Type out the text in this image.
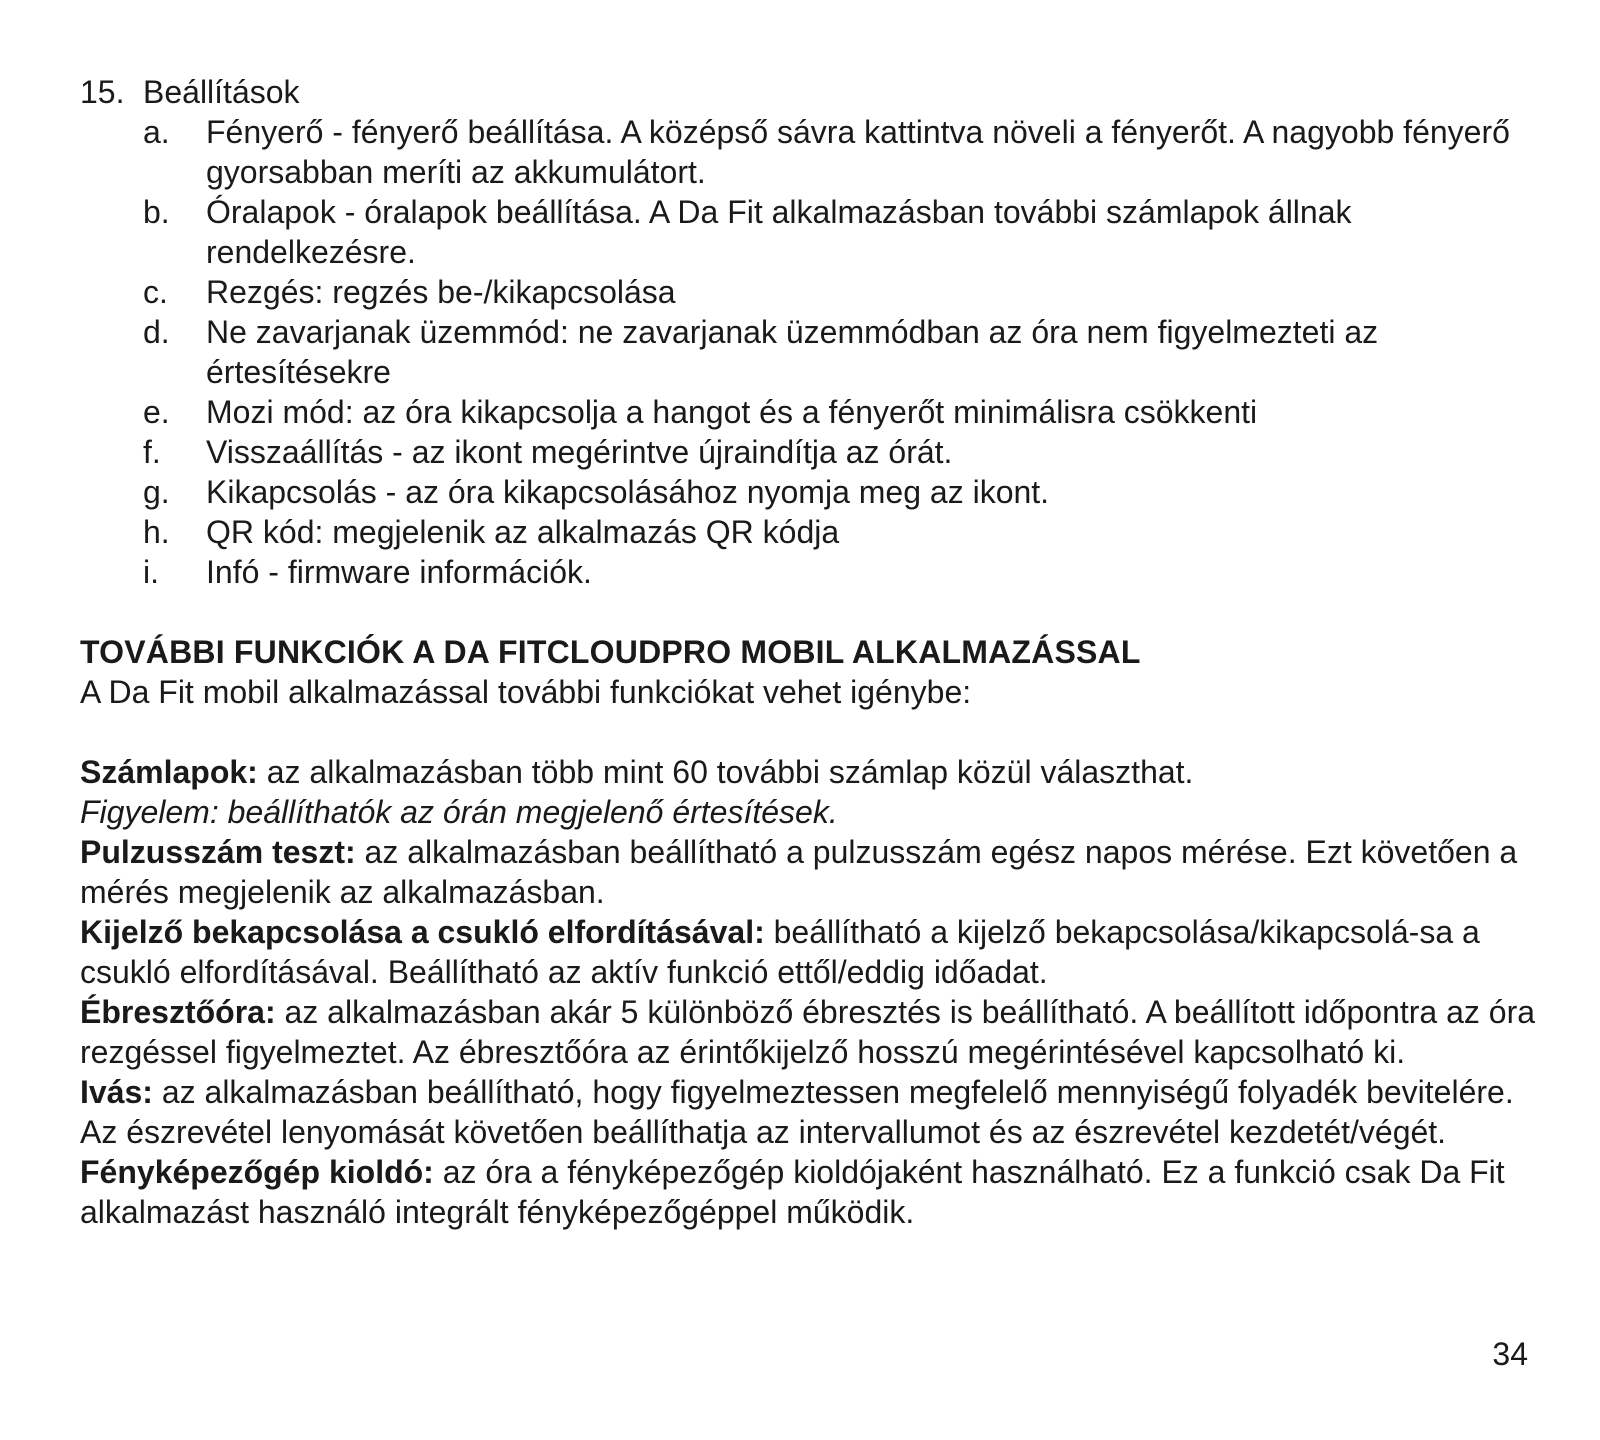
15. Beállítások
a.	Fényerő - fényerő beállítása. A középső sávra kattintva növeli a fényerőt. A nagyobb fényerő gyorsabban meríti az akkumulátort.
b.	Óralapok - óralapok beállítása. A Da Fit alkalmazásban további számlapok állnak rendelkezésre.
c.	Rezgés: regzés be-/kikapcsolása
d.	Ne zavarjanak üzemmód: ne zavarjanak üzemmódban az óra nem figyelmezteti az értesítésekre
e.	Mozi mód: az óra kikapcsolja a hangot és a fényerőt minimálisra csökkenti
f.	Visszaállítás - az ikont megérintve újraindítja az órát.
g.	Kikapcsolás - az óra kikapcsolásához nyomja meg az ikont.
h.	QR kód: megjelenik az alkalmazás QR kódja
i.	Infó - firmware információk.
TOVÁBBI FUNKCIÓK A DA FITCLOUDPRO MOBIL ALKALMAZÁSSAL
A Da Fit mobil alkalmazással további funkciókat vehet igénybe:
Számlapok: az alkalmazásban több mint 60 további számlap közül választhat.
Figyelem: beállíthatók az órán megjelenő értesítések.
Pulzusszám teszt: az alkalmazásban beállítható a pulzusszám egész napos mérése. Ezt követően a mérés megjelenik az alkalmazásban.
Kijelző bekapcsolása a csukló elfordításával: beállítható a kijelző bekapcsolása/kikapcsolá-sa a csukló elfordításával. Beállítható az aktív funkció ettől/eddig időadat.
Ébresztőóra: az alkalmazásban akár 5 különböző ébresztés is beállítható. A beállított időpontra az óra rezgéssel figyelmeztet. Az ébresztőóra az érintőkijelző hosszú megérintésével kapcsolható ki.
Ivás: az alkalmazásban beállítható, hogy figyelmeztessen megfelelő mennyiségű folyadék bevitelére. Az észrevétel lenyomását követően beállíthatja az intervallumot és az észrevétel kezdetét/végét.
Fényképezőgép kioldó: az óra a fényképezőgép kioldójaként használható. Ez a funkció csak Da Fit alkalmazást használó integrált fényképezőgéppel működik.
34
